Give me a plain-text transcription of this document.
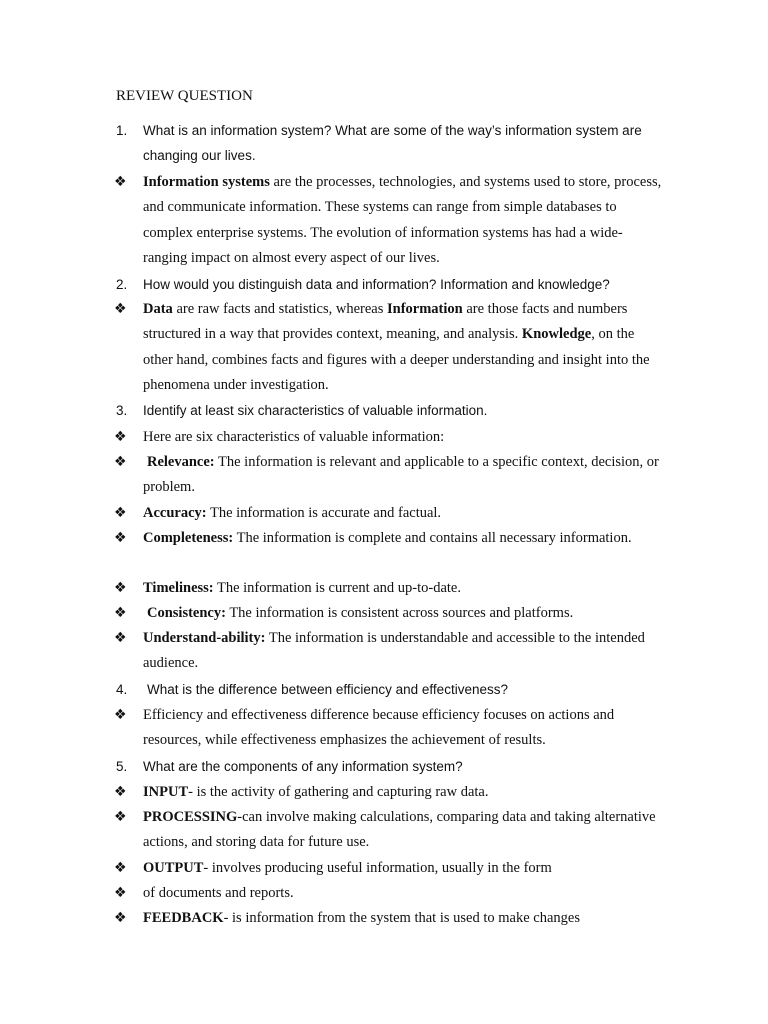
REVIEW QUESTION
1. What is an information system? What are some of the way’s information system are changing our lives.
❖ Information systems are the processes, technologies, and systems used to store, process, and communicate information. These systems can range from simple databases to complex enterprise systems. The evolution of information systems has had a wide-ranging impact on almost every aspect of our lives.
2. How would you distinguish data and information? Information and knowledge?
❖ Data are raw facts and statistics, whereas Information are those facts and numbers structured in a way that provides context, meaning, and analysis. Knowledge, on the other hand, combines facts and figures with a deeper understanding and insight into the phenomena under investigation.
3. Identify at least six characteristics of valuable information.
❖ Here are six characteristics of valuable information:
❖ Relevance: The information is relevant and applicable to a specific context, decision, or problem.
❖ Accuracy: The information is accurate and factual.
❖ Completeness: The information is complete and contains all necessary information.
❖ Timeliness: The information is current and up-to-date.
❖ Consistency: The information is consistent across sources and platforms.
❖ Understand-ability: The information is understandable and accessible to the intended audience.
4. What is the difference between efficiency and effectiveness?
❖ Efficiency and effectiveness difference because efficiency focuses on actions and resources, while effectiveness emphasizes the achievement of results.
5. What are the components of any information system?
❖ INPUT- is the activity of gathering and capturing raw data.
❖ PROCESSING-can involve making calculations, comparing data and taking alternative actions, and storing data for future use.
❖ OUTPUT- involves producing useful information, usually in the form
❖ of documents and reports.
❖ FEEDBACK- is information from the system that is used to make changes
